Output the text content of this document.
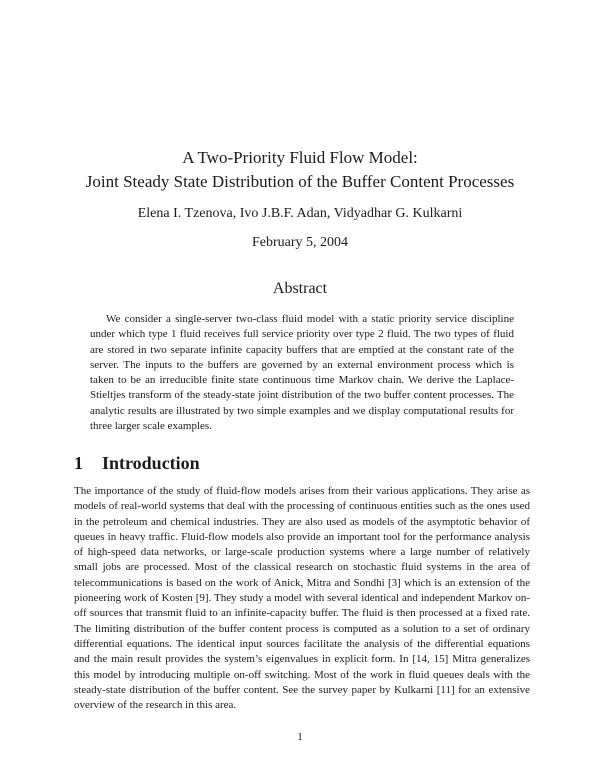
A Two-Priority Fluid Flow Model:
Joint Steady State Distribution of the Buffer Content Processes
Elena I. Tzenova, Ivo J.B.F. Adan, Vidyadhar G. Kulkarni
February 5, 2004
Abstract

We consider a single-server two-class fluid model with a static priority service discipline under which type 1 fluid receives full service priority over type 2 fluid. The two types of fluid are stored in two separate infinite capacity buffers that are emptied at the constant rate of the server. The inputs to the buffers are governed by an external environment process which is taken to be an irreducible finite state continuous time Markov chain. We derive the Laplace-Stieltjes transform of the steady-state joint distribution of the two buffer content processes. The analytic results are illustrated by two simple examples and we display computational results for three larger scale examples.

1 Introduction

The importance of the study of fluid-flow models arises from their various applications. They arise as models of real-world systems that deal with the processing of continuous entities such as the ones used in the petroleum and chemical industries. They are also used as models of the asymptotic behavior of queues in heavy traffic. Fluid-flow models also provide an important tool for the performance analysis of high-speed data networks, or large-scale production systems where a large number of relatively small jobs are processed. Most of the classical research on stochastic fluid systems in the area of telecommunications is based on the work of Anick, Mitra and Sondhi [3] which is an extension of the pioneering work of Kosten [9]. They study a model with several identical and independent Markov on-off sources that transmit fluid to an infinite-capacity buffer. The fluid is then processed at a fixed rate. The limiting distribution of the buffer content process is computed as a solution to a set of ordinary differential equations. The identical input sources facilitate the analysis of the differential equations and the main result provides the system’s eigenvalues in explicit form. In [14, 15] Mitra generalizes this model by introducing multiple on-off switching. Most of the work in fluid queues deals with the steady-state distribution of the buffer content. See the survey paper by Kulkarni [11] for an extensive overview of the research in this area.

1
